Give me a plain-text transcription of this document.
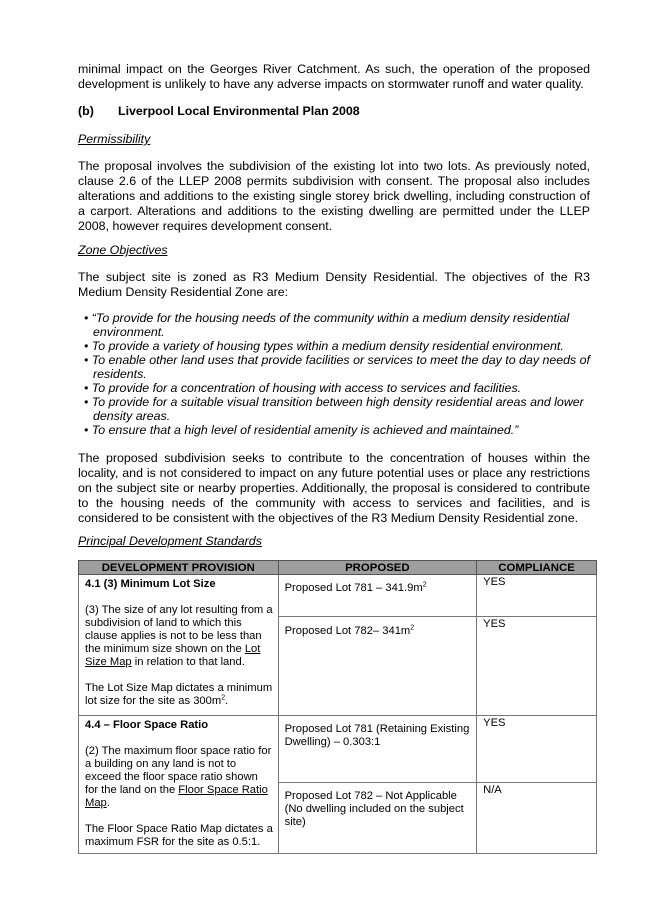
minimal impact on the Georges River Catchment. As such, the operation of the proposed development is unlikely to have any adverse impacts on stormwater runoff and water quality.

(b) Liverpool Local Environmental Plan 2008
Permissibility

The proposal involves the subdivision of the existing lot into two lots. As previously noted, clause 2.6 of the LLEP 2008 permits subdivision with consent. The proposal also includes alterations and additions to the existing single storey brick dwelling, including construction of a carport. Alterations and additions to the existing dwelling are permitted under the LLEP 2008, however requires development consent.

Zone Objectives

The subject site is zoned as R3 Medium Density Residential. The objectives of the R3 Medium Density Residential Zone are:

• “To provide for the housing needs of the community within a medium density residential environment.
• To provide a variety of housing types within a medium density residential environment.
• To enable other land uses that provide facilities or services to meet the day to day needs of residents.
• To provide for a concentration of housing with access to services and facilities.
• To provide for a suitable visual transition between high density residential areas and lower density areas.
• To ensure that a high level of residential amenity is achieved and maintained.”

The proposed subdivision seeks to contribute to the concentration of houses within the locality, and is not considered to impact on any future potential uses or place any restrictions on the subject site or nearby properties. Additionally, the proposal is considered to contribute to the housing needs of the community with access to services and facilities, and is considered to be consistent with the objectives of the R3 Medium Density Residential zone.

Principal Development Standards
DEVELOPMENT PROVISION	PROPOSED	COMPLIANCE

4.1 (3) Minimum Lot Size
(3) The size of any lot resulting from a subdivision of land to which this clause applies is not to be less than the minimum size shown on the Lot Size Map in relation to that land.
The Lot Size Map dictates a minimum lot size for the site as $300m^2$.	Proposed Lot $781 - 341.9m^2$	YES
	Proposed Lot 782– $341m^2$	YES

4.4 – Floor Space Ratio
(2) The maximum floor space ratio for a building on any land is not to exceed the floor space ratio shown for the land on the Floor Space Ratio Map.
The Floor Space Ratio Map dictates a maximum FSR for the site as 0.5:1.	Proposed Lot 781 (Retaining Existing Dwelling) – 0.303:1	YES
	Proposed Lot 782 – Not Applicable (No dwelling included on the subject site)	N/A
